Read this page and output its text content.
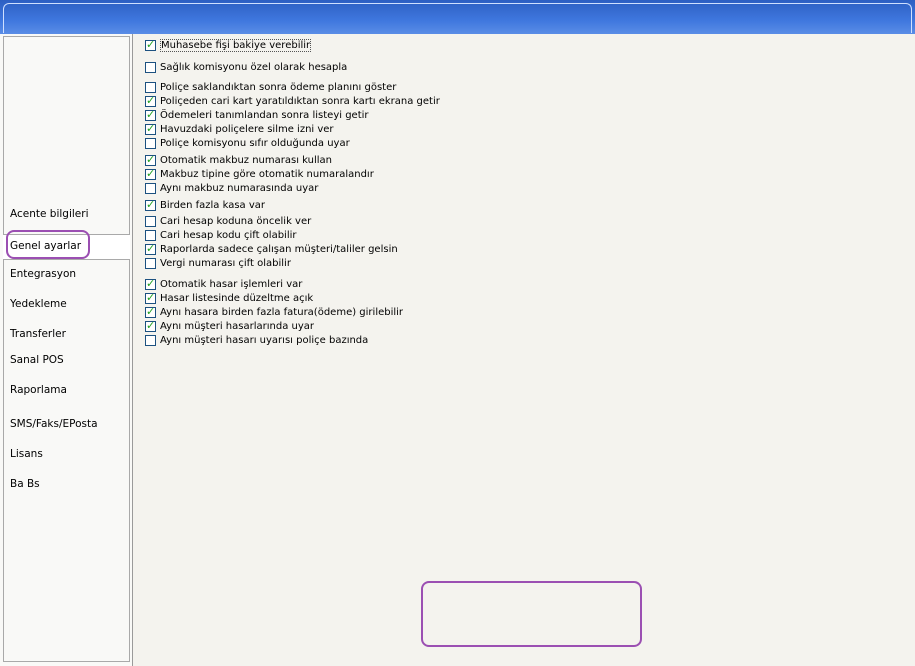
Acente bilgileri
Genel ayarlar
Entegrasyon
Yedekleme
Transferler
Sanal POS
Raporlama
SMS/Faks/EPosta
Lisans
Ba Bs
✓
Muhasebe fişi bakiye verebilir
Sağlık komisyonu özel olarak hesapla
Poliçe saklandıktan sonra ödeme planını göster
✓
Poliçeden cari kart yaratıldıktan sonra kartı ekrana getir
✓
Ödemeleri tanımlandan sonra listeyi getir
✓
Havuzdaki poliçelere silme izni ver
Poliçe komisyonu sıfır olduğunda uyar
✓
Otomatik makbuz numarası kullan
✓
Makbuz tipine göre otomatik numaralandır
Aynı makbuz numarasında uyar
✓
Birden fazla kasa var
Cari hesap koduna öncelik ver
Cari hesap kodu çift olabilir
✓
Raporlarda sadece çalışan müşteri/taliler gelsin
Vergi numarası çift olabilir
✓
Otomatik hasar işlemleri var
✓
Hasar listesinde düzeltme açık
✓
Aynı hasara birden fazla fatura(ödeme) girilebilir
✓
Aynı müşteri hasarlarında uyar
Aynı müşteri hasarı uyarısı poliçe bazında
